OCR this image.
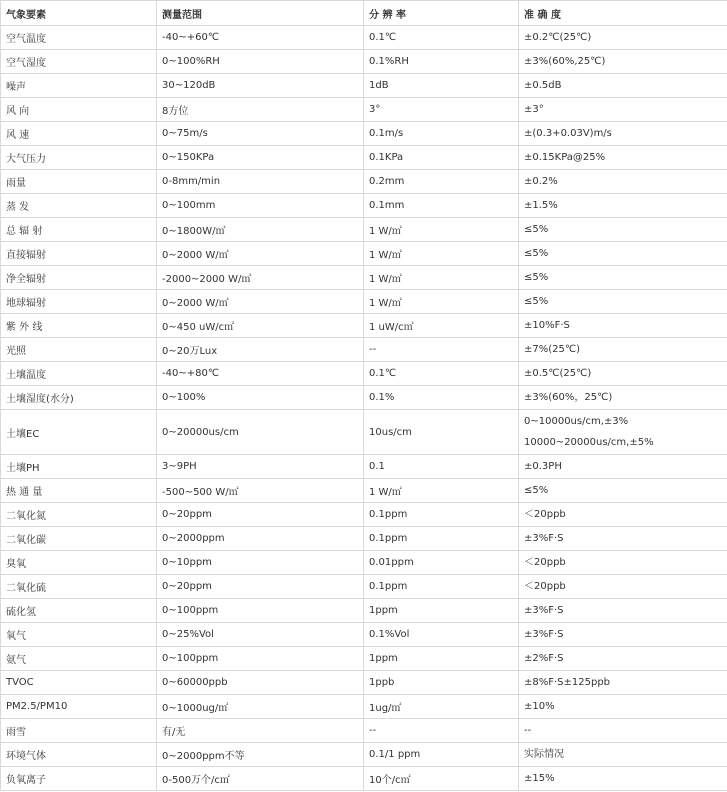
气象要素	测量范围	分 辨 率	准 确 度
空气温度	-40~+60℃	0.1℃	±0.2℃(25℃)

空气湿度	0~100%RH	0.1%RH	±3%(60%,25℃)

噪声	30~120dB	1dB	±0.5dB

风 向	8方位	3°	±3°

风 速	0~75m/s	0.1m/s	±(0.3+0.03V)m/s

大气压力	0~150KPa	0.1KPa	±0.15KPa@25%

雨量	0-8mm/min	0.2mm	±0.2%

蒸 发	0~100mm	0.1mm	±1.5%

总 辐 射	0~1800W/㎡	1 W/㎡	≤5%

直接辐射	0~2000 W/㎡	1 W/㎡	≤5%

净全辐射	-2000~2000 W/㎡	1 W/㎡	≤5%

地球辐射	0~2000 W/㎡	1 W/㎡	≤5%

紫 外 线	0~450 uW/c㎡	1 uW/c㎡	±10%F·S

光照	0~20万Lux	--	±7%(25℃)

土壤温度	-40~+80℃	0.1℃	±0.5℃(25℃)

土壤湿度(水分)	0~100%	0.1%	±3%(60%，25℃)

土壤EC	0~20000us/cm	10us/cm	0~10000us/cm,±3%
10000~20000us/cm,±5%

土壤PH	3~9PH	0.1	±0.3PH

热 通 量	-500~500 W/㎡	1 W/㎡	≤5%

二氧化氮	0~20ppm	0.1ppm	＜20ppb

二氧化碳	0~2000ppm	0.1ppm	±3%F·S

臭氧	0~10ppm	0.01ppm	＜20ppb

二氧化硫	0~20ppm	0.1ppm	＜20ppb

硫化氢	0~100ppm	1ppm	±3%F·S

氧气	0~25%Vol	0.1%Vol	±3%F·S

氨气	0~100ppm	1ppm	±2%F·S

TVOC	0~60000ppb	1ppb	±8%F·S±125ppb

PM2.5/PM10	0~1000ug/㎡	1ug/㎡	±10%

雨雪	有/无	--	--

环境气体	0~2000ppm不等	0.1/1 ppm	实际情况

负氧离子	0-500万个/c㎡	10个/c㎡	±15%
